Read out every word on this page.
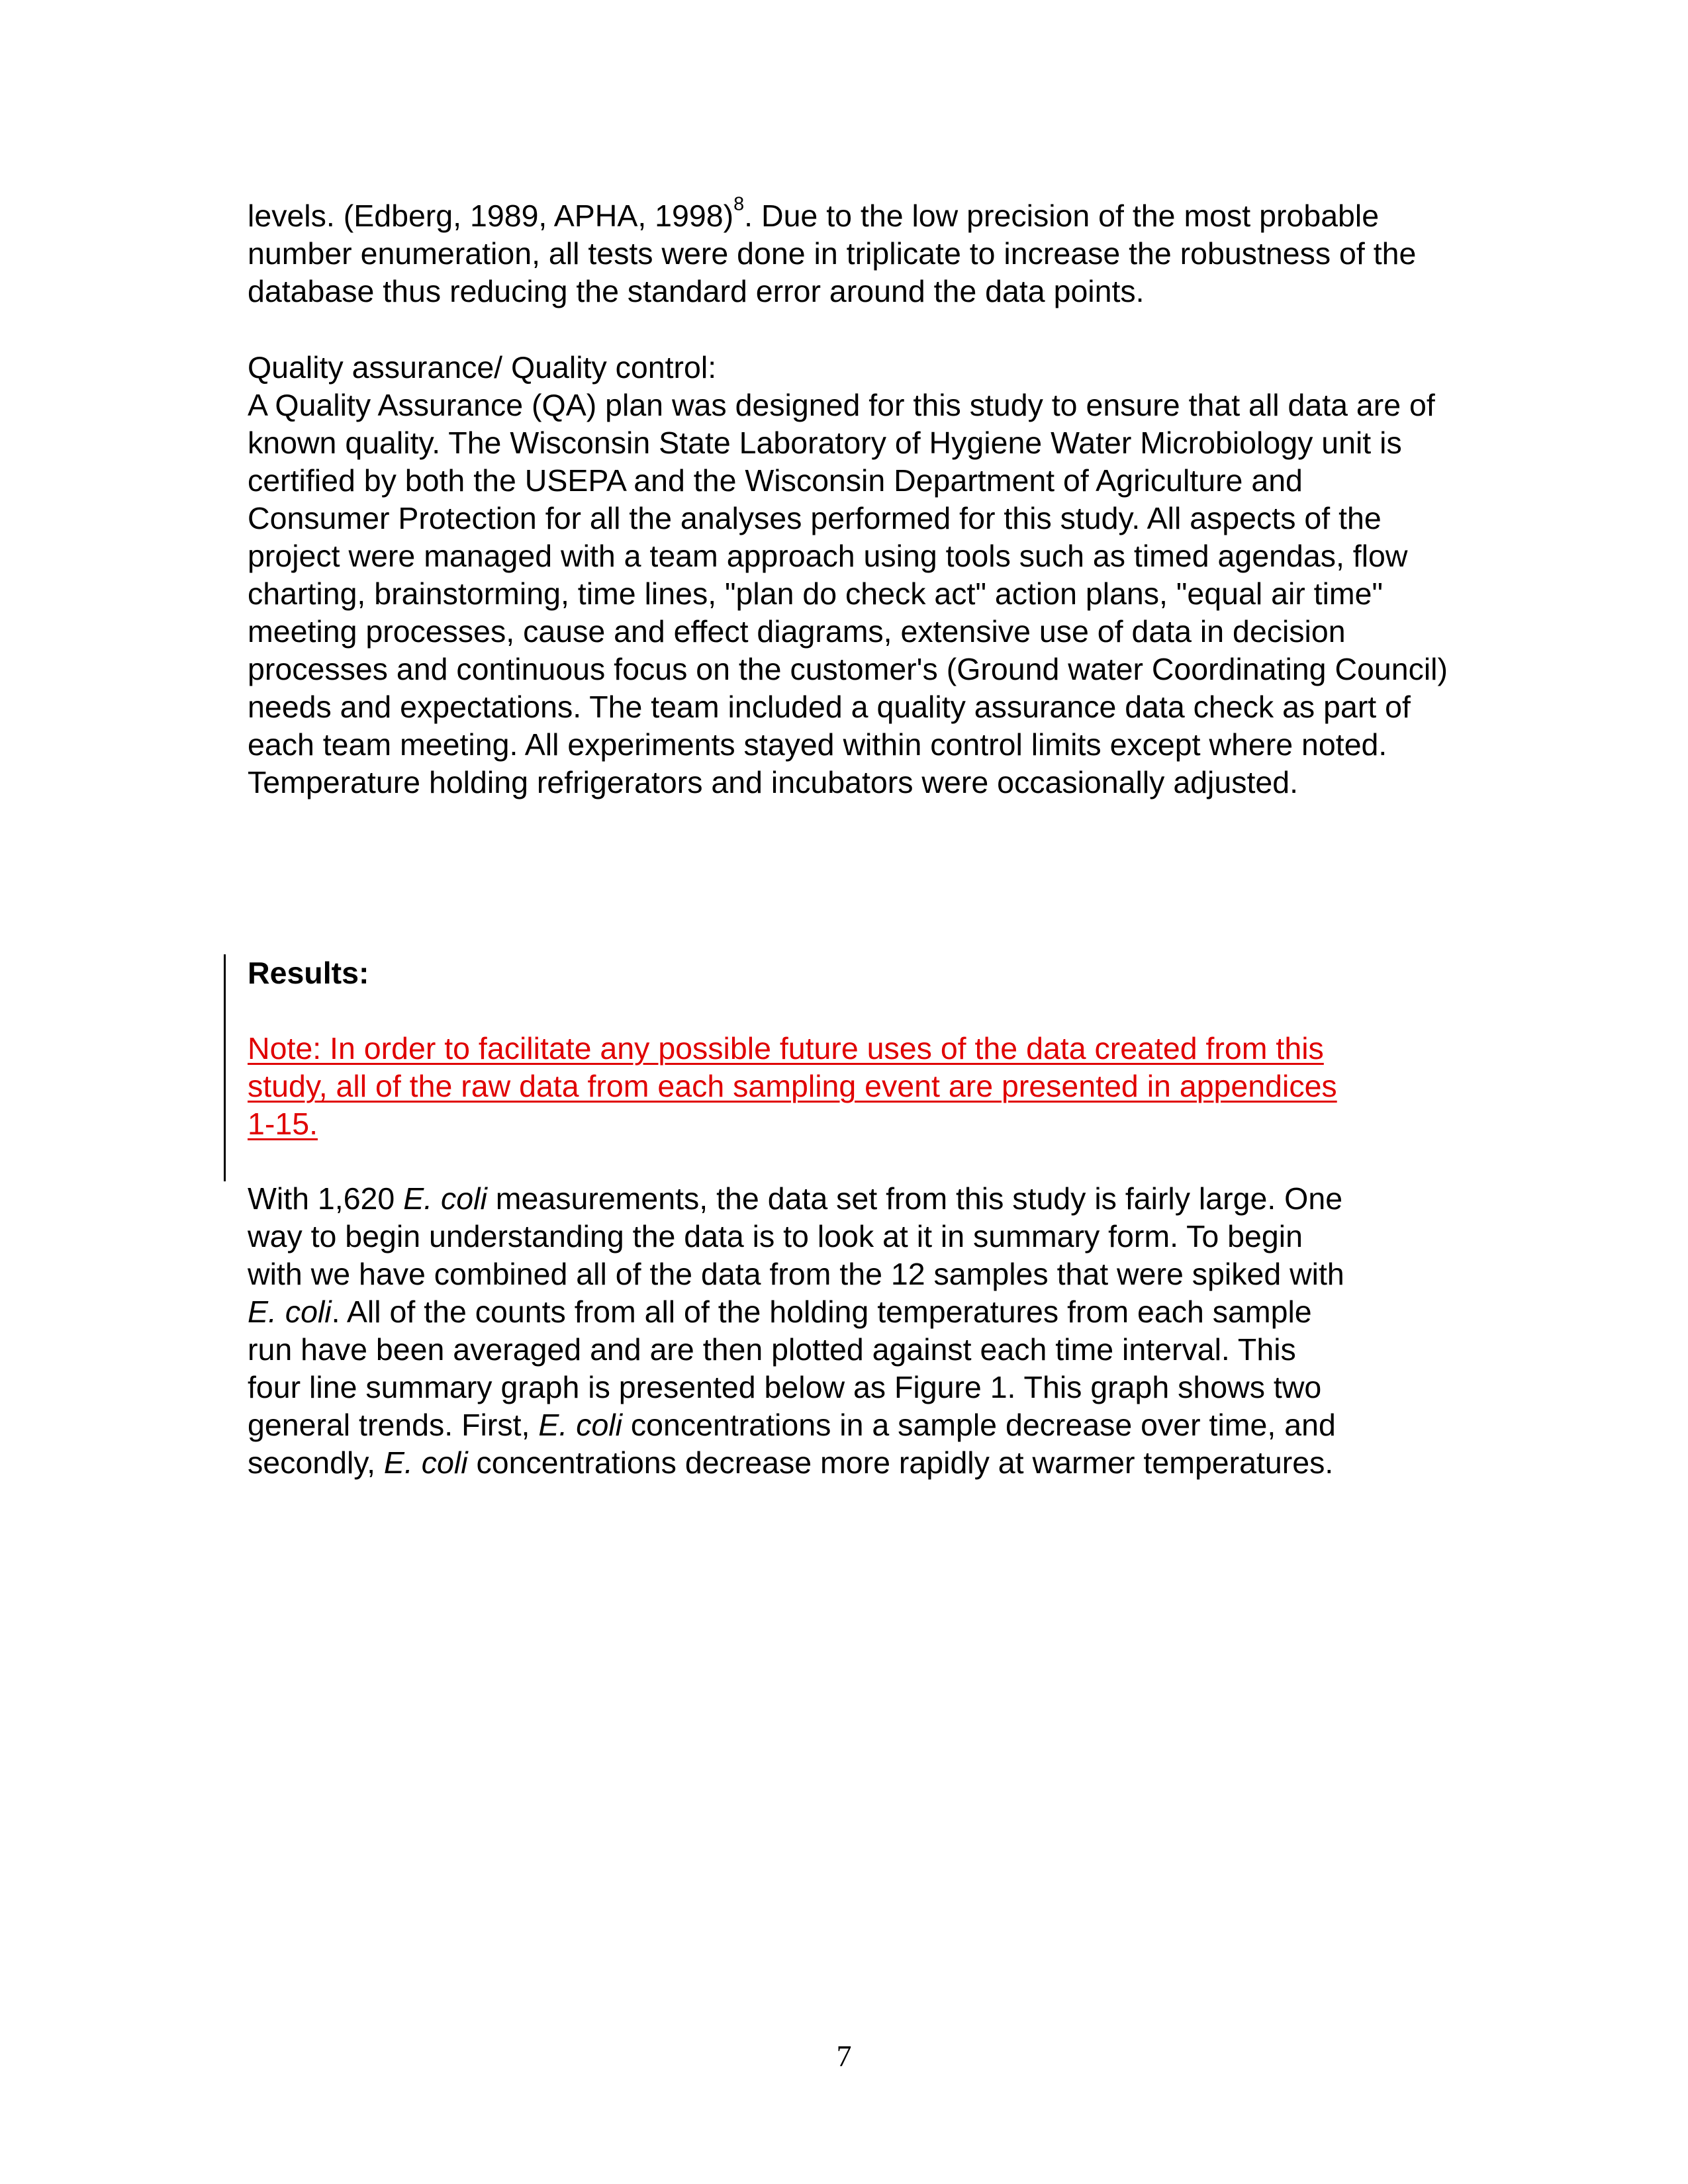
levels. (Edberg, 1989, APHA, 1998)$^8$. Due to the low precision of the most probable
number enumeration, all tests were done in triplicate to increase the robustness of the
database thus reducing the standard error around the data points.
Quality assurance/ Quality control:
A Quality Assurance (QA) plan was designed for this study to ensure that all data are of
known quality. The Wisconsin State Laboratory of Hygiene Water Microbiology unit is
certified by both the USEPA and the Wisconsin Department of Agriculture and
Consumer Protection for all the analyses performed for this study. All aspects of the
project were managed with a team approach using tools such as timed agendas, flow
charting, brainstorming, time lines, "plan do check act" action plans, "equal air time"
meeting processes, cause and effect diagrams, extensive use of data in decision
processes and continuous focus on the customer's (Ground water Coordinating Council)
needs and expectations. The team included a quality assurance data check as part of
each team meeting. All experiments stayed within control limits except where noted.
Temperature holding refrigerators and incubators were occasionally adjusted.
Results:
Note: In order to facilitate any possible future uses of the data created from this
study, all of the raw data from each sampling event are presented in appendices
1-15.
With 1,620 E. coli measurements, the data set from this study is fairly large. One
way to begin understanding the data is to look at it in summary form. To begin
with we have combined all of the data from the 12 samples that were spiked with
E. coli. All of the counts from all of the holding temperatures from each sample
run have been averaged and are then plotted against each time interval. This
four line summary graph is presented below as Figure 1. This graph shows two
general trends. First, E. coli concentrations in a sample decrease over time, and
secondly, E. coli concentrations decrease more rapidly at warmer temperatures.
7
